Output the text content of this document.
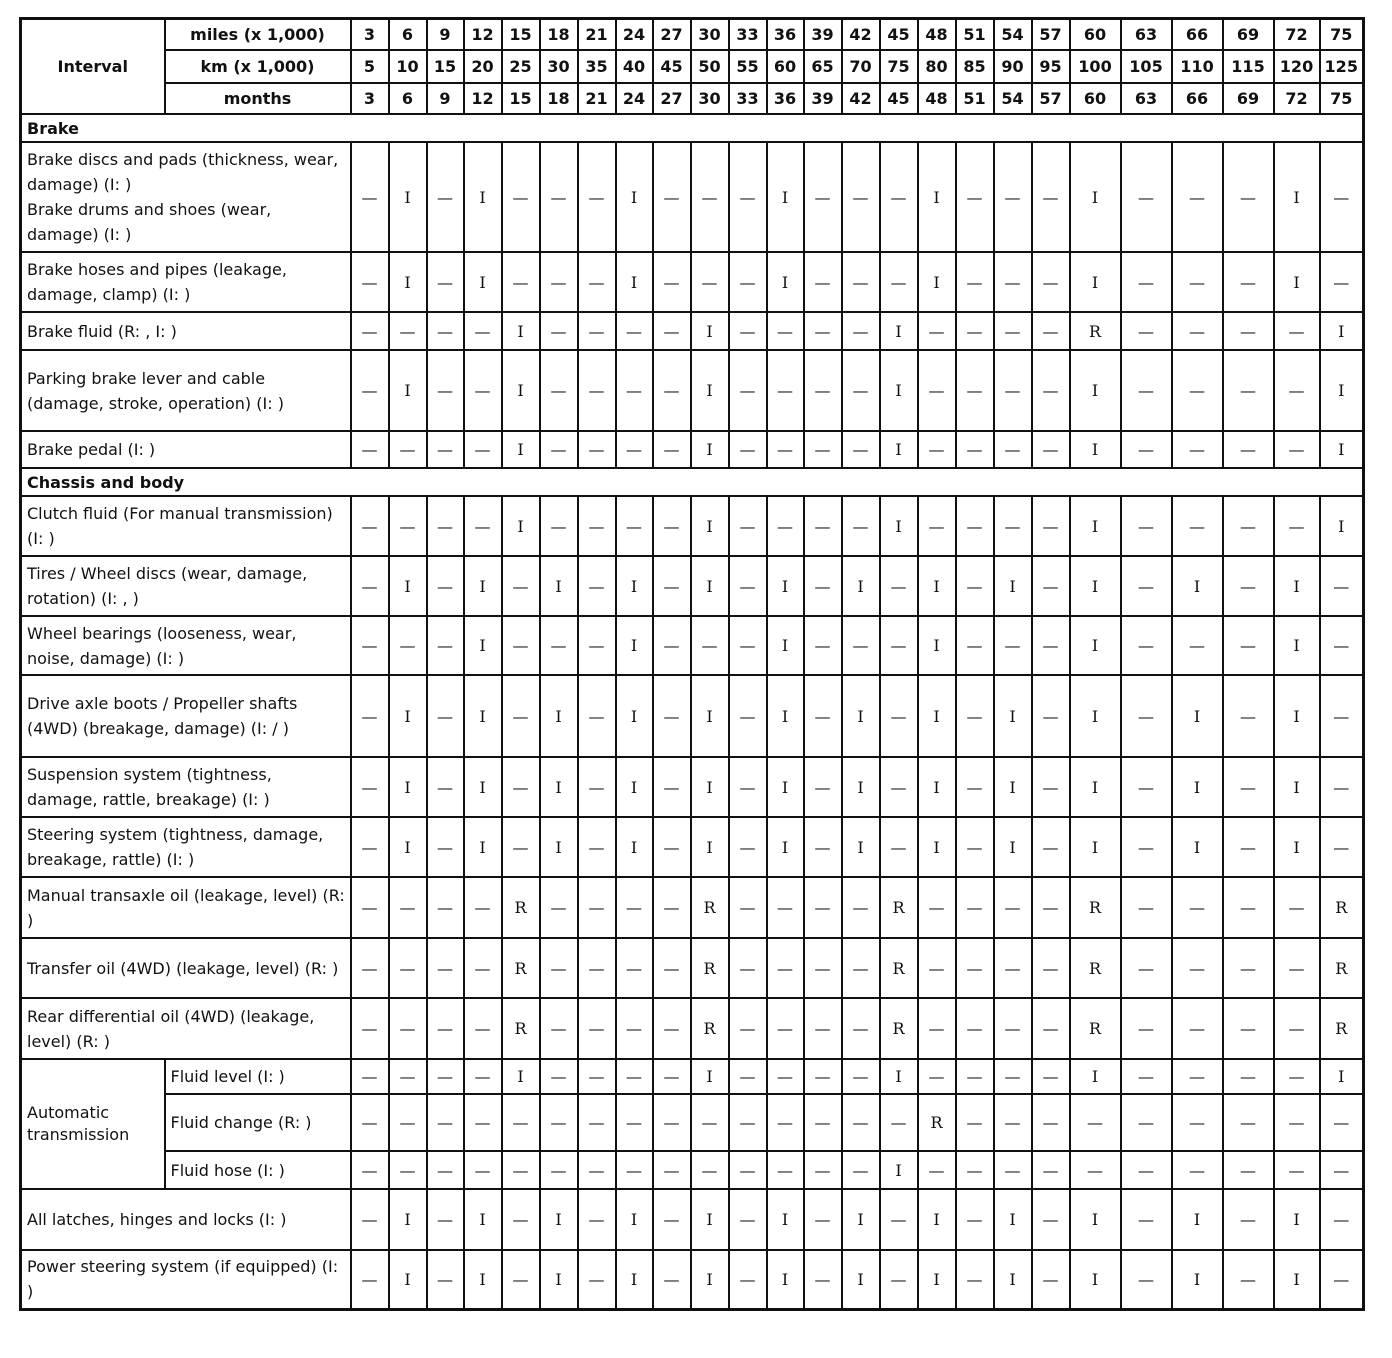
Interval	miles (x 1,000)	3	6	9	12	15	18	21	24	27	30	33	36	39	42	45	48	51	54	57	60	63	66	69	72	75
	km (x 1,000)	5	10	15	20	25	30	35	40	45	50	55	60	65	70	75	80	85	90	95	100	105	110	115	120	125
	months	3	6	9	12	15	18	21	24	27	30	33	36	39	42	45	48	51	54	57	60	63	66	69	72	75
Brake																										

Brake discs and pads (thickness, wear, damage) (I: )
Brake drums and shoes (wear, damage) (I: )		—	I	—	I	—	—	—	I	—	—	—	I	—	—	—	I	—	—	—	I	—	—	—	I	—

Brake hoses and pipes (leakage, damage, clamp) (I: )		—	I	—	I	—	—	—	I	—	—	—	I	—	—	—	I	—	—	—	I	—	—	—	I	—

Brake fluid (R: , I: )		—	—	—	—	I	—	—	—	—	I	—	—	—	—	I	—	—	—	—	R	—	—	—	—	I

Parking brake lever and cable (damage, stroke, operation) (I: )		—	I	—	—	I	—	—	—	—	I	—	—	—	—	I	—	—	—	—	I	—	—	—	—	I

Brake pedal (I: )		—	—	—	—	I	—	—	—	—	I	—	—	—	—	I	—	—	—	—	I	—	—	—	—	I
Chassis and body																										

Clutch fluid (For manual transmission) (I: )		—	—	—	—	I	—	—	—	—	I	—	—	—	—	I	—	—	—	—	I	—	—	—	—	I

Tires / Wheel discs (wear, damage, rotation) (I: , )		—	I	—	I	—	I	—	I	—	I	—	I	—	I	—	I	—	I	—	I	—	I	—	I	—

Wheel bearings (looseness, wear, noise, damage) (I: )		—	—	—	I	—	—	—	I	—	—	—	I	—	—	—	I	—	—	—	I	—	—	—	I	—

Drive axle boots / Propeller shafts (4WD) (breakage, damage) (I: / )		—	I	—	I	—	I	—	I	—	I	—	I	—	I	—	I	—	I	—	I	—	I	—	I	—

Suspension system (tightness, damage, rattle, breakage) (I: )		—	I	—	I	—	I	—	I	—	I	—	I	—	I	—	I	—	I	—	I	—	I	—	I	—

Steering system (tightness, damage, breakage, rattle) (I: )		—	I	—	I	—	I	—	I	—	I	—	I	—	I	—	I	—	I	—	I	—	I	—	I	—

Manual transaxle oil (leakage, level) (R: )		—	—	—	—	R	—	—	—	—	R	—	—	—	—	R	—	—	—	—	R	—	—	—	—	R

Transfer oil (4WD) (leakage, level) (R: )		—	—	—	—	R	—	—	—	—	R	—	—	—	—	R	—	—	—	—	R	—	—	—	—	R

Rear differential oil (4WD) (leakage, level) (R: )		—	—	—	—	R	—	—	—	—	R	—	—	—	—	R	—	—	—	—	R	—	—	—	—	R
Automatic transmission	Fluid level (I: )	—	—	—	—	I	—	—	—	—	I	—	—	—	—	I	—	—	—	—	I	—	—	—	—	I
	Fluid change (R: )	—	—	—	—	—	—	—	—	—	—	—	—	—	—	—	R	—	—	—	—	—	—	—	—	—
	Fluid hose (I: )	—	—	—	—	—	—	—	—	—	—	—	—	—	—	I	—	—	—	—	—	—	—	—	—	—

All latches, hinges and locks (I: )		—	I	—	I	—	I	—	I	—	I	—	I	—	I	—	I	—	I	—	I	—	I	—	I	—

Power steering system (if equipped) (I: )		—	I	—	I	—	I	—	I	—	I	—	I	—	I	—	I	—	I	—	I	—	I	—	I	—
